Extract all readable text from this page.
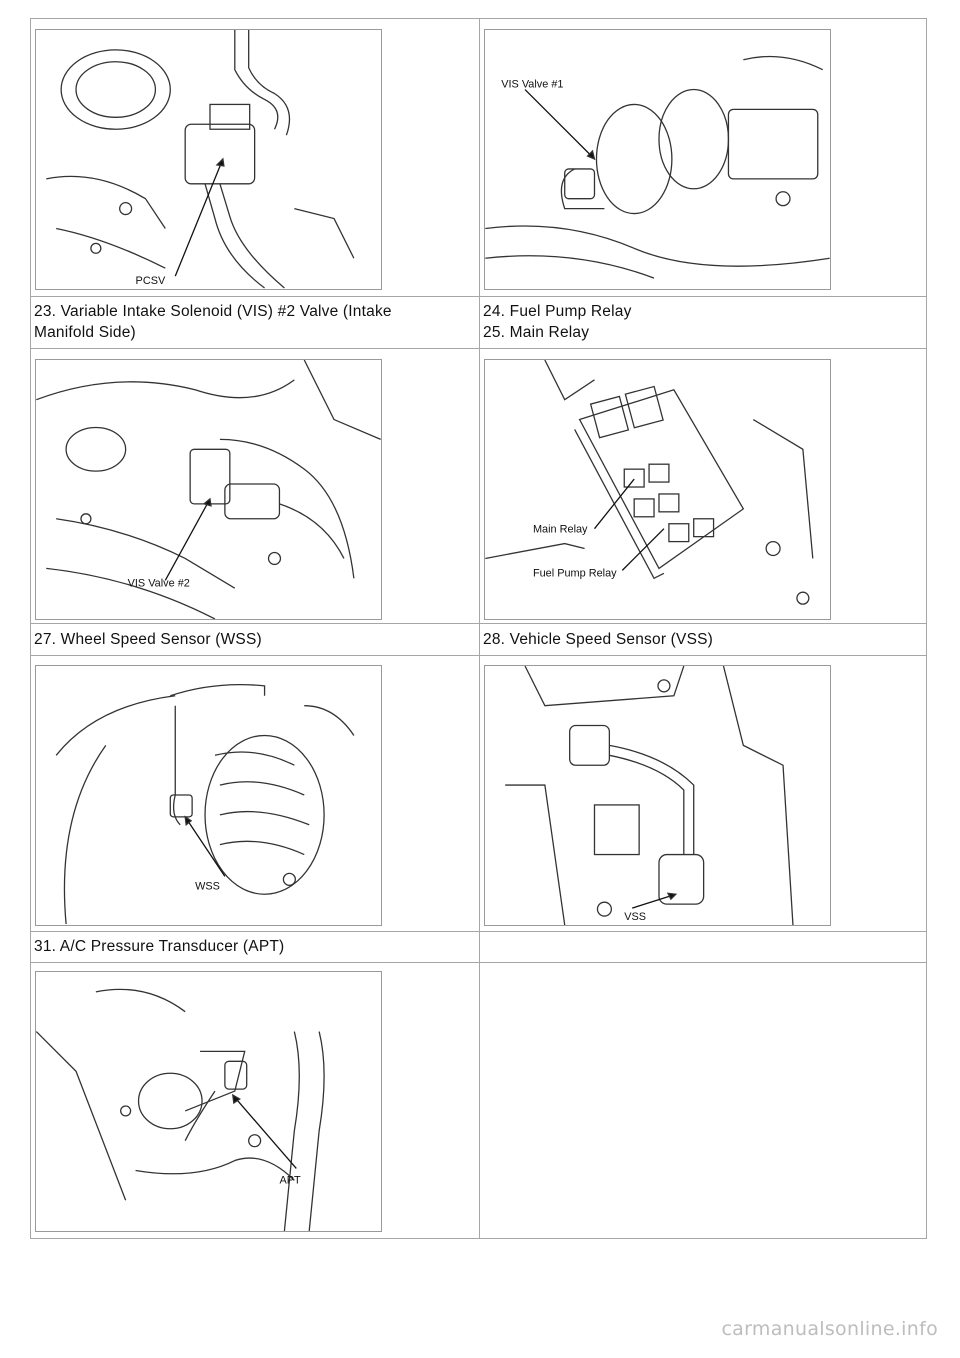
PCSV
VIS Valve #1
23. Variable Intake Solenoid (VIS) #2 Valve (Intake
Manifold Side)
24. Fuel Pump Relay
25. Main Relay
VIS Valve #2
Main Relay
Fuel Pump Relay
27. Wheel Speed Sensor (WSS)	28. Vehicle Speed Sensor (VSS)
WSS
VSS
31. A/C Pressure Transducer (APT)
APT
carmanualsonline.info
